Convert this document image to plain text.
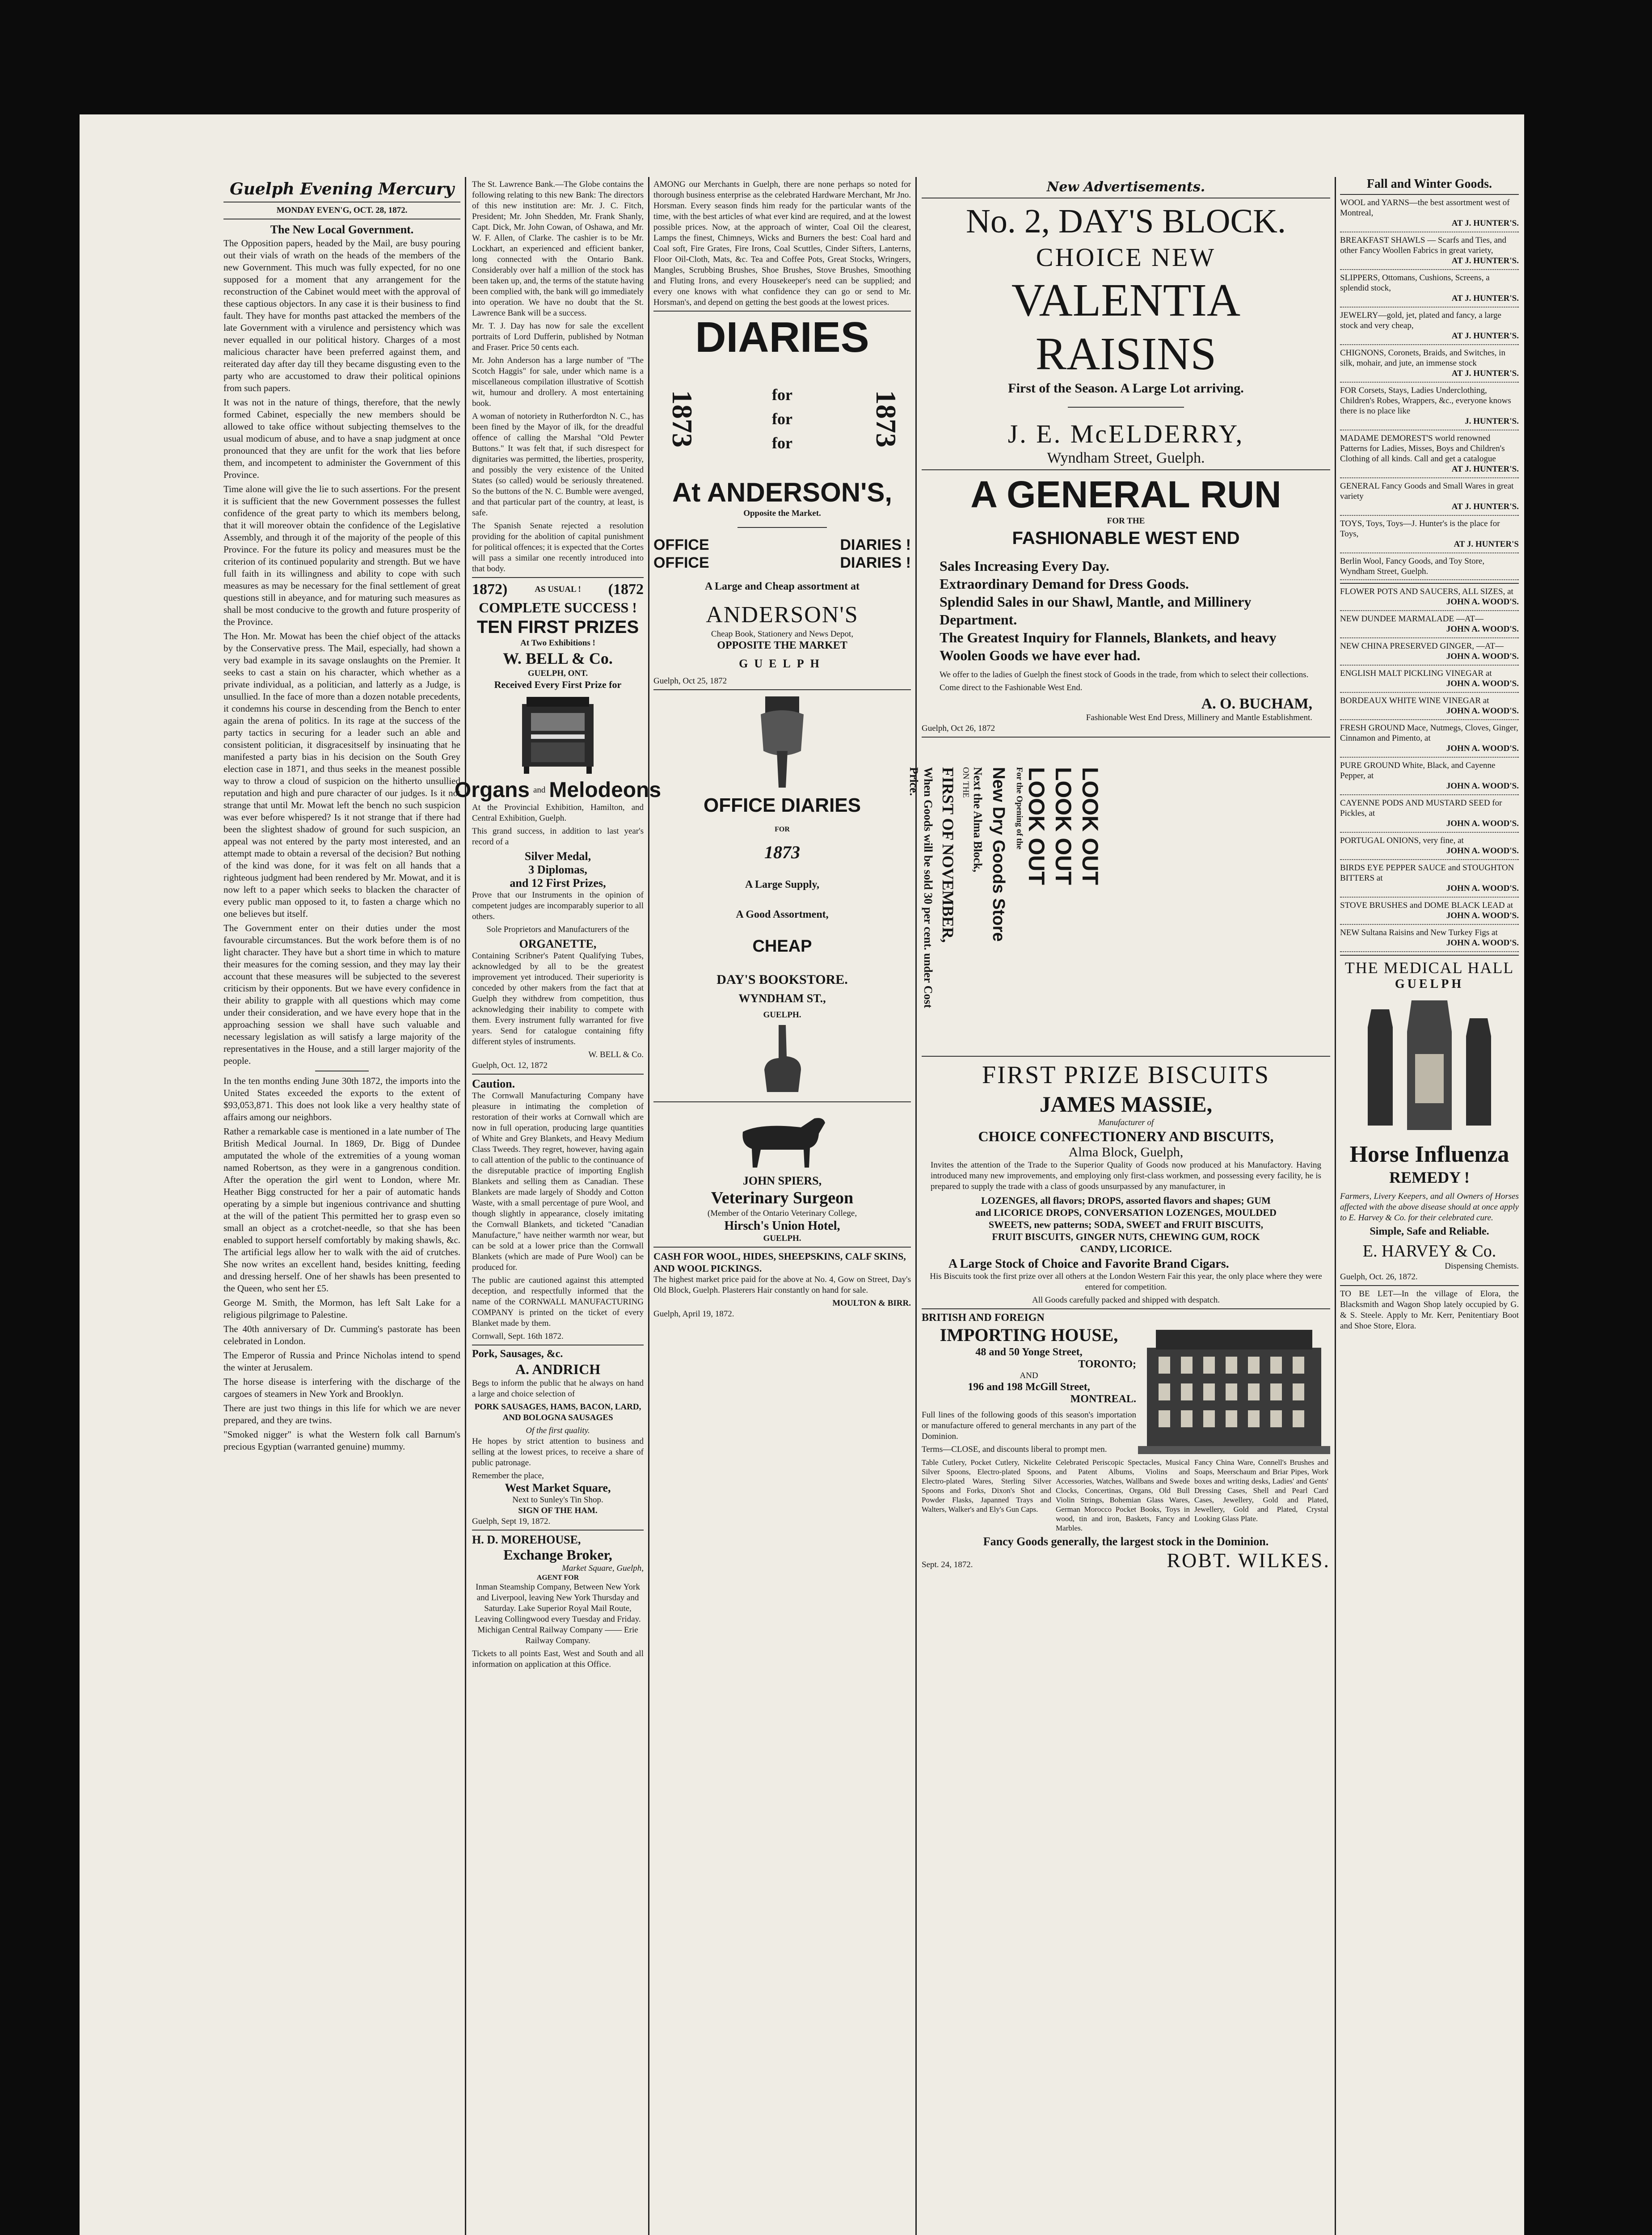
Guelph Evening Mercury
MONDAY EVEN'G, OCT. 28, 1872.
The New Local Government.

The Opposition papers, headed by the Mail, are busy pouring out their vials of wrath on the heads of the members of the new Government. This much was fully expected, for no one supposed for a moment that any arrangement for the reconstruction of the Cabinet would meet with the approval of these captious objectors. In any case it is their business to find fault. They have for months past attacked the members of the late Government with a virulence and persistency which was never equalled in our political history. Charges of a most malicious character have been preferred against them, and reiterated day after day till they became disgusting even to the party who are accustomed to draw their political opinions from such papers.

It was not in the nature of things, therefore, that the newly formed Cabinet, especially the new members should be allowed to take office without subjecting themselves to the usual modicum of abuse, and to have a snap judgment at once pronounced that they are unfit for the work that lies before them, and incompetent to administer the Government of this Province.

Time alone will give the lie to such assertions. For the present it is sufficient that the new Government possesses the fullest confidence of the great party to which its members belong, that it will moreover obtain the confidence of the Legislative Assembly, and through it of the majority of the people of this Province. For the future its policy and measures must be the criterion of its continued popularity and strength. But we have full faith in its willingness and ability to cope with such measures as may be necessary for the final settlement of great questions still in abeyance, and for maturing such measures as shall be most conducive to the growth and future prosperity of the Province.

The Hon. Mr. Mowat has been the chief object of the attacks by the Conservative press. The Mail, especially, had shown a very bad example in its savage onslaughts on the Premier. It seeks to cast a stain on his character, which whether as a private individual, as a politician, and latterly as a Judge, is unsullied. In the face of more than a dozen notable precedents, it condemns his course in descending from the Bench to enter again the arena of politics. In its rage at the success of the party tactics in securing for a leader such an able and consistent politician, it disgracesitself by insinuating that he manifested a party bias in his decision on the South Grey election case in 1871, and thus seeks in the meanest possible way to throw a cloud of suspicion on the hitherto unsullied reputation and high and pure character of our judges. Is it not strange that until Mr. Mowat left the bench no such suspicion was ever before whispered? Is it not strange that if there had been the slightest shadow of ground for such suspicion, an appeal was not entered by the party most interested, and an attempt made to obtain a reversal of the decision? But nothing of the kind was done, for it was felt on all hands that a righteous judgment had been rendered by Mr. Mowat, and it is now left to a paper which seeks to blacken the character of every public man opposed to it, to fasten a charge which no one believes but itself.

The Government enter on their duties under the most favourable circumstances. But the work before them is of no light character. They have but a short time in which to mature their measures for the coming session, and they may lay their account that these measures will be subjected to the severest criticism by their opponents. But we have every confidence in their ability to grapple with all questions which may come under their consideration, and we have every hope that in the approaching session we shall have such valuable and necessary legislation as will satisfy a large majority of the representatives in the House, and a still larger majority of the people.

In the ten months ending June 30th 1872, the imports into the United States exceeded the exports to the extent of $93,053,871. This does not look like a very healthy state of affairs among our neighbors.

Rather a remarkable case is mentioned in a late number of The British Medical Journal. In 1869, Dr. Bigg of Dundee amputated the whole of the extremities of a young woman named Robertson, as they were in a gangrenous condition. After the operation the girl went to London, where Mr. Heather Bigg constructed for her a pair of automatic hands operating by a simple but ingenious contrivance and shutting at the will of the patient This permitted her to grasp even so small an object as a crotchet-needle, so that she has been enabled to support herself comfortably by making shawls, &c. The artificial legs allow her to walk with the aid of crutches. She now writes an excellent hand, besides knitting, feeding and dressing herself. One of her shawls has been presented to the Queen, who sent her £5.

George M. Smith, the Mormon, has left Salt Lake for a religious pilgrimage to Palestine.

The 40th anniversary of Dr. Cumming's pastorate has been celebrated in London.

The Emperor of Russia and Prince Nicholas intend to spend the winter at Jerusalem.

The horse disease is interfering with the discharge of the cargoes of steamers in New York and Brooklyn.

There are just two things in this life for which we are never prepared, and they are twins.

"Smoked nigger" is what the Western folk call Barnum's precious Egyptian (warranted genuine) mummy.

The St. Lawrence Bank.—The Globe contains the following relating to this new Bank: The directors of this new institution are: Mr. J. C. Fitch, President; Mr. John Shedden, Mr. Frank Shanly, Capt. Dick, Mr. John Cowan, of Oshawa, and Mr. W. F. Allen, of Clarke. The cashier is to be Mr. Lockhart, an experienced and efficient banker, long connected with the Ontario Bank. Considerably over half a million of the stock has been taken up, and, the terms of the statute having been complied with, the bank will go immediately into operation. We have no doubt that the St. Lawrence Bank will be a success.

Mr. T. J. Day has now for sale the excellent portraits of Lord Dufferin, published by Notman and Fraser. Price 50 cents each.

Mr. John Anderson has a large number of "The Scotch Haggis" for sale, under which name is a miscellaneous compilation illustrative of Scottish wit, humour and drollery. A most entertaining book.

A woman of notoriety in Rutherfordton N. C., has been fined by the Mayor of ilk, for the dreadful offence of calling the Marshal "Old Pewter Buttons." It was felt that, if such disrespect for dignitaries was permitted, the liberties, prosperity, and possibly the very existence of the United States (so called) would be seriously threatened. So the buttons of the N. C. Bumble were avenged, and that particular part of the country, at least, is safe.

The Spanish Senate rejected a resolution providing for the abolition of capital punishment for political offences; it is expected that the Cortes will pass a similar one recently introduced into that body.

1872)	AS USUAL ! (1872
COMPLETE SUCCESS !
TEN FIRST PRIZES
At Two Exhibitions !
W. BELL & Co.
GUELPH, ONT.
Received Every First Prize for
Organs and Melodeons

At the Provincial Exhibition, Hamilton, and Central Exhibition, Guelph.

This grand success, in addition to last year's record of a

Silver Medal,
3 Diplomas,
and 12 First Prizes,

Prove that our Instruments in the opinion of competent judges are incomparably superior to all others.

Sole Proprietors and Manufacturers of the

ORGANETTE,

Containing Scribner's Patent Qualifying Tubes, acknowledged by all to be the greatest improvement yet introduced. Their superiority is conceded by other makers from the fact that at Guelph they withdrew from competition, thus acknowledging their inability to compete with them. Every instrument fully warranted for five years. Send for catalogue containing fifty different styles of instruments.

W. BELL & Co.
Guelph, Oct. 12, 1872
Caution.

The Cornwall Manufacturing Company have pleasure in intimating the completion of restoration of their works at Cornwall which are now in full operation, producing large quantities of White and Grey Blankets, and Heavy Medium Class Tweeds. They regret, however, having again to call attention of the public to the continuance of the disreputable practice of importing English Blankets and selling them as Canadian. These Blankets are made largely of Shoddy and Cotton Waste, with a small percentage of pure Wool, and though slightly in appearance, closely imitating the Cornwall Blankets, and ticketed "Canadian Manufacture," have neither warmth nor wear, but can be sold at a lower price than the Cornwall Blankets (which are made of Pure Wool) can be produced for.

The public are cautioned against this attempted deception, and respectfully informed that the name of the CORNWALL MANUFACTURING COMPANY is printed on the ticket of every Blanket made by them.

Cornwall, Sept. 16th 1872.
Pork, Sausages, &c.
A. ANDRICH

Begs to inform the public that he always on hand a large and choice selection of

PORK SAUSAGES, HAMS, BACON, LARD, AND BOLOGNA SAUSAGES

Of the first quality.

He hopes by strict attention to business and selling at the lowest prices, to receive a share of public patronage.

Remember the place,
West Market Square,
Next to Sunley's Tin Shop.
SIGN OF THE HAM.
Guelph, Sept 19, 1872.
H. D. MOREHOUSE,
Exchange Broker,
Market Square, Guelph,
AGENT FOR

Inman Steamship Company, Between New York and Liverpool, leaving New York Thursday and Saturday. Lake Superior Royal Mail Route, Leaving Collingwood every Tuesday and Friday. Michigan Central Railway Company —— Erie Railway Company.

Tickets to all points East, West and South and all information on application at this Office.

AMONG our Merchants in Guelph, there are none perhaps so noted for thorough business enterprise as the celebrated Hardware Merchant, Mr Jno. Horsman. Every season finds him ready for the particular wants of the time, with the best articles of what ever kind are required, and at the lowest possible prices. Now, at the approach of winter, Coal Oil the clearest, Lamps the finest, Chimneys, Wicks and Burners the best: Coal hard and Coal soft, Fire Grates, Fire Irons, Coal Scuttles, Cinder Sifters, Lanterns, Floor Oil-Cloth, Mats, &c. Tea and Coffee Pots, Great Stocks, Wringers, Mangles, Scrubbing Brushes, Shoe Brushes, Stove Brushes, Smoothing and Fluting Irons, and every Housekeeper's need can be supplied; and every one knows with what confidence they can go or send to Mr. Horsman's, and depend on getting the best goods at the lowest prices.

DIARIES
1873	for
for
for	1873
At ANDERSON'S,
Opposite the Market.
OFFICE	DIARIES !
OFFICE	DIARIES !
A Large and Cheap assortment at
ANDERSON'S
Cheap Book, Stationery and News Depot,
OPPOSITE THE MARKET
GUELPH
Guelph, Oct 25, 1872
OFFICE DIARIES
FOR
1873
A Large Supply,
A Good Assortment,
CHEAP
DAY'S BOOKSTORE.
WYNDHAM ST.,
GUELPH.
JOHN SPIERS,
Veterinary Surgeon
(Member of the Ontario Veterinary College,
Hirsch's Union Hotel,
GUELPH.
CASH FOR WOOL, HIDES, SHEEPSKINS, CALF SKINS, AND WOOL PICKINGS.

The highest market price paid for the above at No. 4, Gow on Street, Day's Old Block, Guelph. Plasterers Hair constantly on hand for sale.

MOULTON & BIRR.
Guelph, April 19, 1872.
New Advertisements.
No. 2, DAY'S BLOCK.
CHOICE NEW
VALENTIA RAISINS
First of the Season. A Large Lot arriving.
J. E. McELDERRY,
Wyndham Street, Guelph.
A GENERAL RUN
FOR THE
FASHIONABLE WEST END
Sales Increasing Every Day.
Extraordinary Demand for Dress Goods.
Splendid Sales in our Shawl, Mantle, and Millinery Department.
The Greatest Inquiry for Flannels, Blankets, and heavy Woolen Goods we have ever had.

We offer to the ladies of Guelph the finest stock of Goods in the trade, from which to select their collections.

Come direct to the Fashionable West End.

A. O. BUCHAM,
Fashionable West End Dress, Millinery and Mantle Establishment.
Guelph, Oct 26, 1872
LOOK OUT
LOOK OUT
LOOK OUT
For the Opening of the
New Dry Goods Store
Next the Alma Block,
ON THE
FIRST OF NOVEMBER,
When Goods will be sold 30 per cent. under Cost Price.
FIRST PRIZE BISCUITS
JAMES MASSIE,
Manufacturer of
CHOICE CONFECTIONERY AND BISCUITS,
Alma Block, Guelph,

Invites the attention of the Trade to the Superior Quality of Goods now produced at his Manufactory. Having introduced many new improvements, and employing only first-class workmen, and possessing every facility, he is prepared to supply the trade with a class of goods unsurpassed by any manufacturer, in

LOZENGES, all flavors; DROPS, assorted flavors and shapes; GUM and LICORICE DROPS, CONVERSATION LOZENGES, MOULDED SWEETS, new patterns; SODA, SWEET and FRUIT BISCUITS, FRUIT BISCUITS, GINGER NUTS, CHEWING GUM, ROCK CANDY, LICORICE.

A Large Stock of Choice and Favorite Brand Cigars.

His Biscuits took the first prize over all others at the London Western Fair this year, the only place where they were entered for competition.

All Goods carefully packed and shipped with despatch.

BRITISH AND FOREIGN
IMPORTING HOUSE,
48 and 50 Yonge Street,
TORONTO;
AND
196 and 198 McGill Street,
MONTREAL.

Full lines of the following goods of this season's importation or manufacture offered to general merchants in any part of the Dominion.

Terms—CLOSE, and discounts liberal to prompt men.

Table Cutlery, Pocket Cutlery, Nickelite Silver Spoons, Electro-plated Spoons, Electro-plated Wares, Sterling Silver Spoons and Forks, Dixon's Shot and Powder Flasks, Japanned Trays and Walters, Walker's and Ely's Gun Caps.

Celebrated Periscopic Spectacles, Musical and Patent Albums, Violins and Accessories, Watches, Wallbans and Swede Clocks, Concertinas, Organs, Old Bull Violin Strings, Bohemian Glass Wares, German Morocco Pocket Books, Toys in wood, tin and iron, Baskets, Fancy and Marbles.

Fancy China Ware, Connell's Brushes and Soaps, Meerschaum and Briar Pipes, Work boxes and writing desks, Ladies' and Gents' Dressing Cases, Shell and Pearl Card Cases, Jewellery, Gold and Plated, Jewellery, Gold and Plated, Crystal Looking Glass Plate.

Fancy Goods generally, the largest stock in the Dominion.
Sept. 24, 1872.	ROBT. WILKES.
Fall and Winter Goods.
WOOL and YARNS—the best assortment west of Montreal,
AT J. HUNTER'S.
BREAKFAST SHAWLS — Scarfs and Ties, and other Fancy Woollen Fabrics in great variety,
AT J. HUNTER'S.
SLIPPERS, Ottomans, Cushions, Screens, a splendid stock,
AT J. HUNTER'S.
JEWELRY—gold, jet, plated and fancy, a large stock and very cheap,
AT J. HUNTER'S.
CHIGNONS, Coronets, Braids, and Switches, in silk, mohair, and jute, an immense stock
AT J. HUNTER'S.
FOR Corsets, Stays, Ladies Underclothing, Children's Robes, Wrappers, &c., everyone knows there is no place like
J. HUNTER'S.
MADAME DEMOREST'S world renowned Patterns for Ladies, Misses, Boys and Children's Clothing of all kinds. Call and get a catalogue
AT J. HUNTER'S.
GENERAL Fancy Goods and Small Wares in great variety
AT J. HUNTER'S.
TOYS, Toys, Toys—J. Hunter's is the place for Toys,
AT J. HUNTER'S
Berlin Wool, Fancy Goods, and Toy Store, Wyndham Street, Guelph.
FLOWER POTS AND SAUCERS, ALL SIZES, at
JOHN A. WOOD'S.
NEW DUNDEE MARMALADE —AT—
JOHN A. WOOD'S.
NEW CHINA PRESERVED GINGER, —AT—
JOHN A. WOOD'S.
ENGLISH MALT PICKLING VINEGAR at
JOHN A. WOOD'S.
BORDEAUX WHITE WINE VINEGAR at
JOHN A. WOOD'S.
FRESH GROUND Mace, Nutmegs, Cloves, Ginger, Cinnamon and Pimento, at
JOHN A. WOOD'S.
PURE GROUND White, Black, and Cayenne Pepper, at
JOHN A. WOOD'S.
CAYENNE PODS AND MUSTARD SEED for Pickles, at
JOHN A. WOOD'S.
PORTUGAL ONIONS, very fine, at
JOHN A. WOOD'S.
BIRDS EYE PEPPER SAUCE and STOUGHTON BITTERS at
JOHN A. WOOD'S.
STOVE BRUSHES and DOME BLACK LEAD at
JOHN A. WOOD'S.
NEW Sultana Raisins and New Turkey Figs at
JOHN A. WOOD'S.
THE MEDICAL HALL
GUELPH
Horse Influenza
REMEDY !

Farmers, Livery Keepers, and all Owners of Horses affected with the above disease should at once apply to E. Harvey & Co. for their celebrated cure.

Simple, Safe and Reliable.
E. HARVEY & Co.
Dispensing Chemists.
Guelph, Oct. 26, 1872.

TO BE LET—In the village of Elora, the Blacksmith and Wagon Shop lately occupied by G. & S. Steele. Apply to Mr. Kerr, Penitentiary Boot and Shoe Store, Elora.
